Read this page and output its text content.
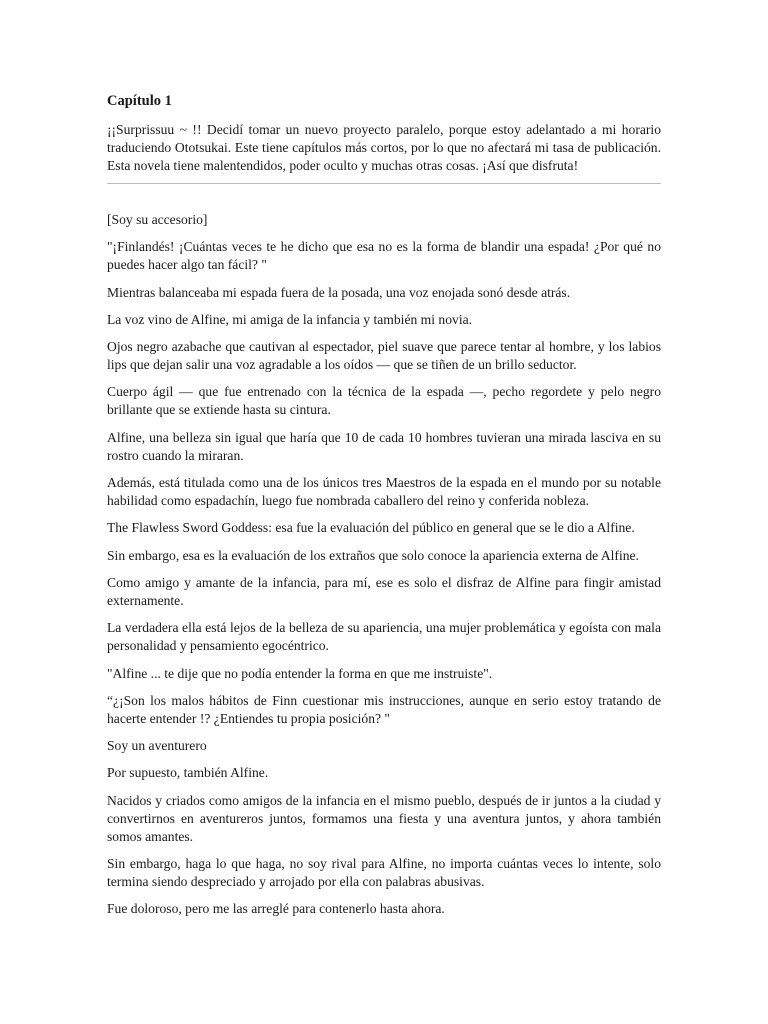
Capítulo 1

¡¡Surprissuu ~ !! Decidí tomar un nuevo proyecto paralelo, porque estoy adelantado a mi horario traduciendo Ototsukai. Este tiene capítulos más cortos, por lo que no afectará mi tasa de publicación. Esta novela tiene malentendidos, poder oculto y muchas otras cosas. ¡Así que disfruta!

[Soy su accesorio]

"¡Finlandés! ¡Cuántas veces te he dicho que esa no es la forma de blandir una espada! ¿Por qué no puedes hacer algo tan fácil? "

Mientras balanceaba mi espada fuera de la posada, una voz enojada sonó desde atrás.

La voz vino de Alfine, mi amiga de la infancia y también mi novia.

Ojos negro azabache que cautivan al espectador, piel suave que parece tentar al hombre, y los labios lips que dejan salir una voz agradable a los oídos — que se tiñen de un brillo seductor.

Cuerpo ágil — que fue entrenado con la técnica de la espada —, pecho regordete y pelo negro brillante que se extiende hasta su cintura.

Alfine, una belleza sin igual que haría que 10 de cada 10 hombres tuvieran una mirada lasciva en su rostro cuando la miraran.

Además, está titulada como una de los únicos tres Maestros de la espada en el mundo por su notable habilidad como espadachín, luego fue nombrada caballero del reino y conferida nobleza.

The Flawless Sword Goddess: esa fue la evaluación del público en general que se le dio a Alfine.

Sin embargo, esa es la evaluación de los extraños que solo conoce la apariencia externa de Alfine.

Como amigo y amante de la infancia, para mí, ese es solo el disfraz de Alfine para fingir amistad externamente.

La verdadera ella está lejos de la belleza de su apariencia, una mujer problemática y egoísta con mala personalidad y pensamiento egocéntrico.

"Alfine ... te dije que no podía entender la forma en que me instruiste".

“¿¡Son los malos hábitos de Finn cuestionar mis instrucciones, aunque en serio estoy tratando de hacerte entender !? ¿Entiendes tu propia posición? "

Soy un aventurero

Por supuesto, también Alfine.

Nacidos y criados como amigos de la infancia en el mismo pueblo, después de ir juntos a la ciudad y convertirnos en aventureros juntos, formamos una fiesta y una aventura juntos, y ahora también somos amantes.

Sin embargo, haga lo que haga, no soy rival para Alfine, no importa cuántas veces lo intente, solo termina siendo despreciado y arrojado por ella con palabras abusivas.

Fue doloroso, pero me las arreglé para contenerlo hasta ahora.
